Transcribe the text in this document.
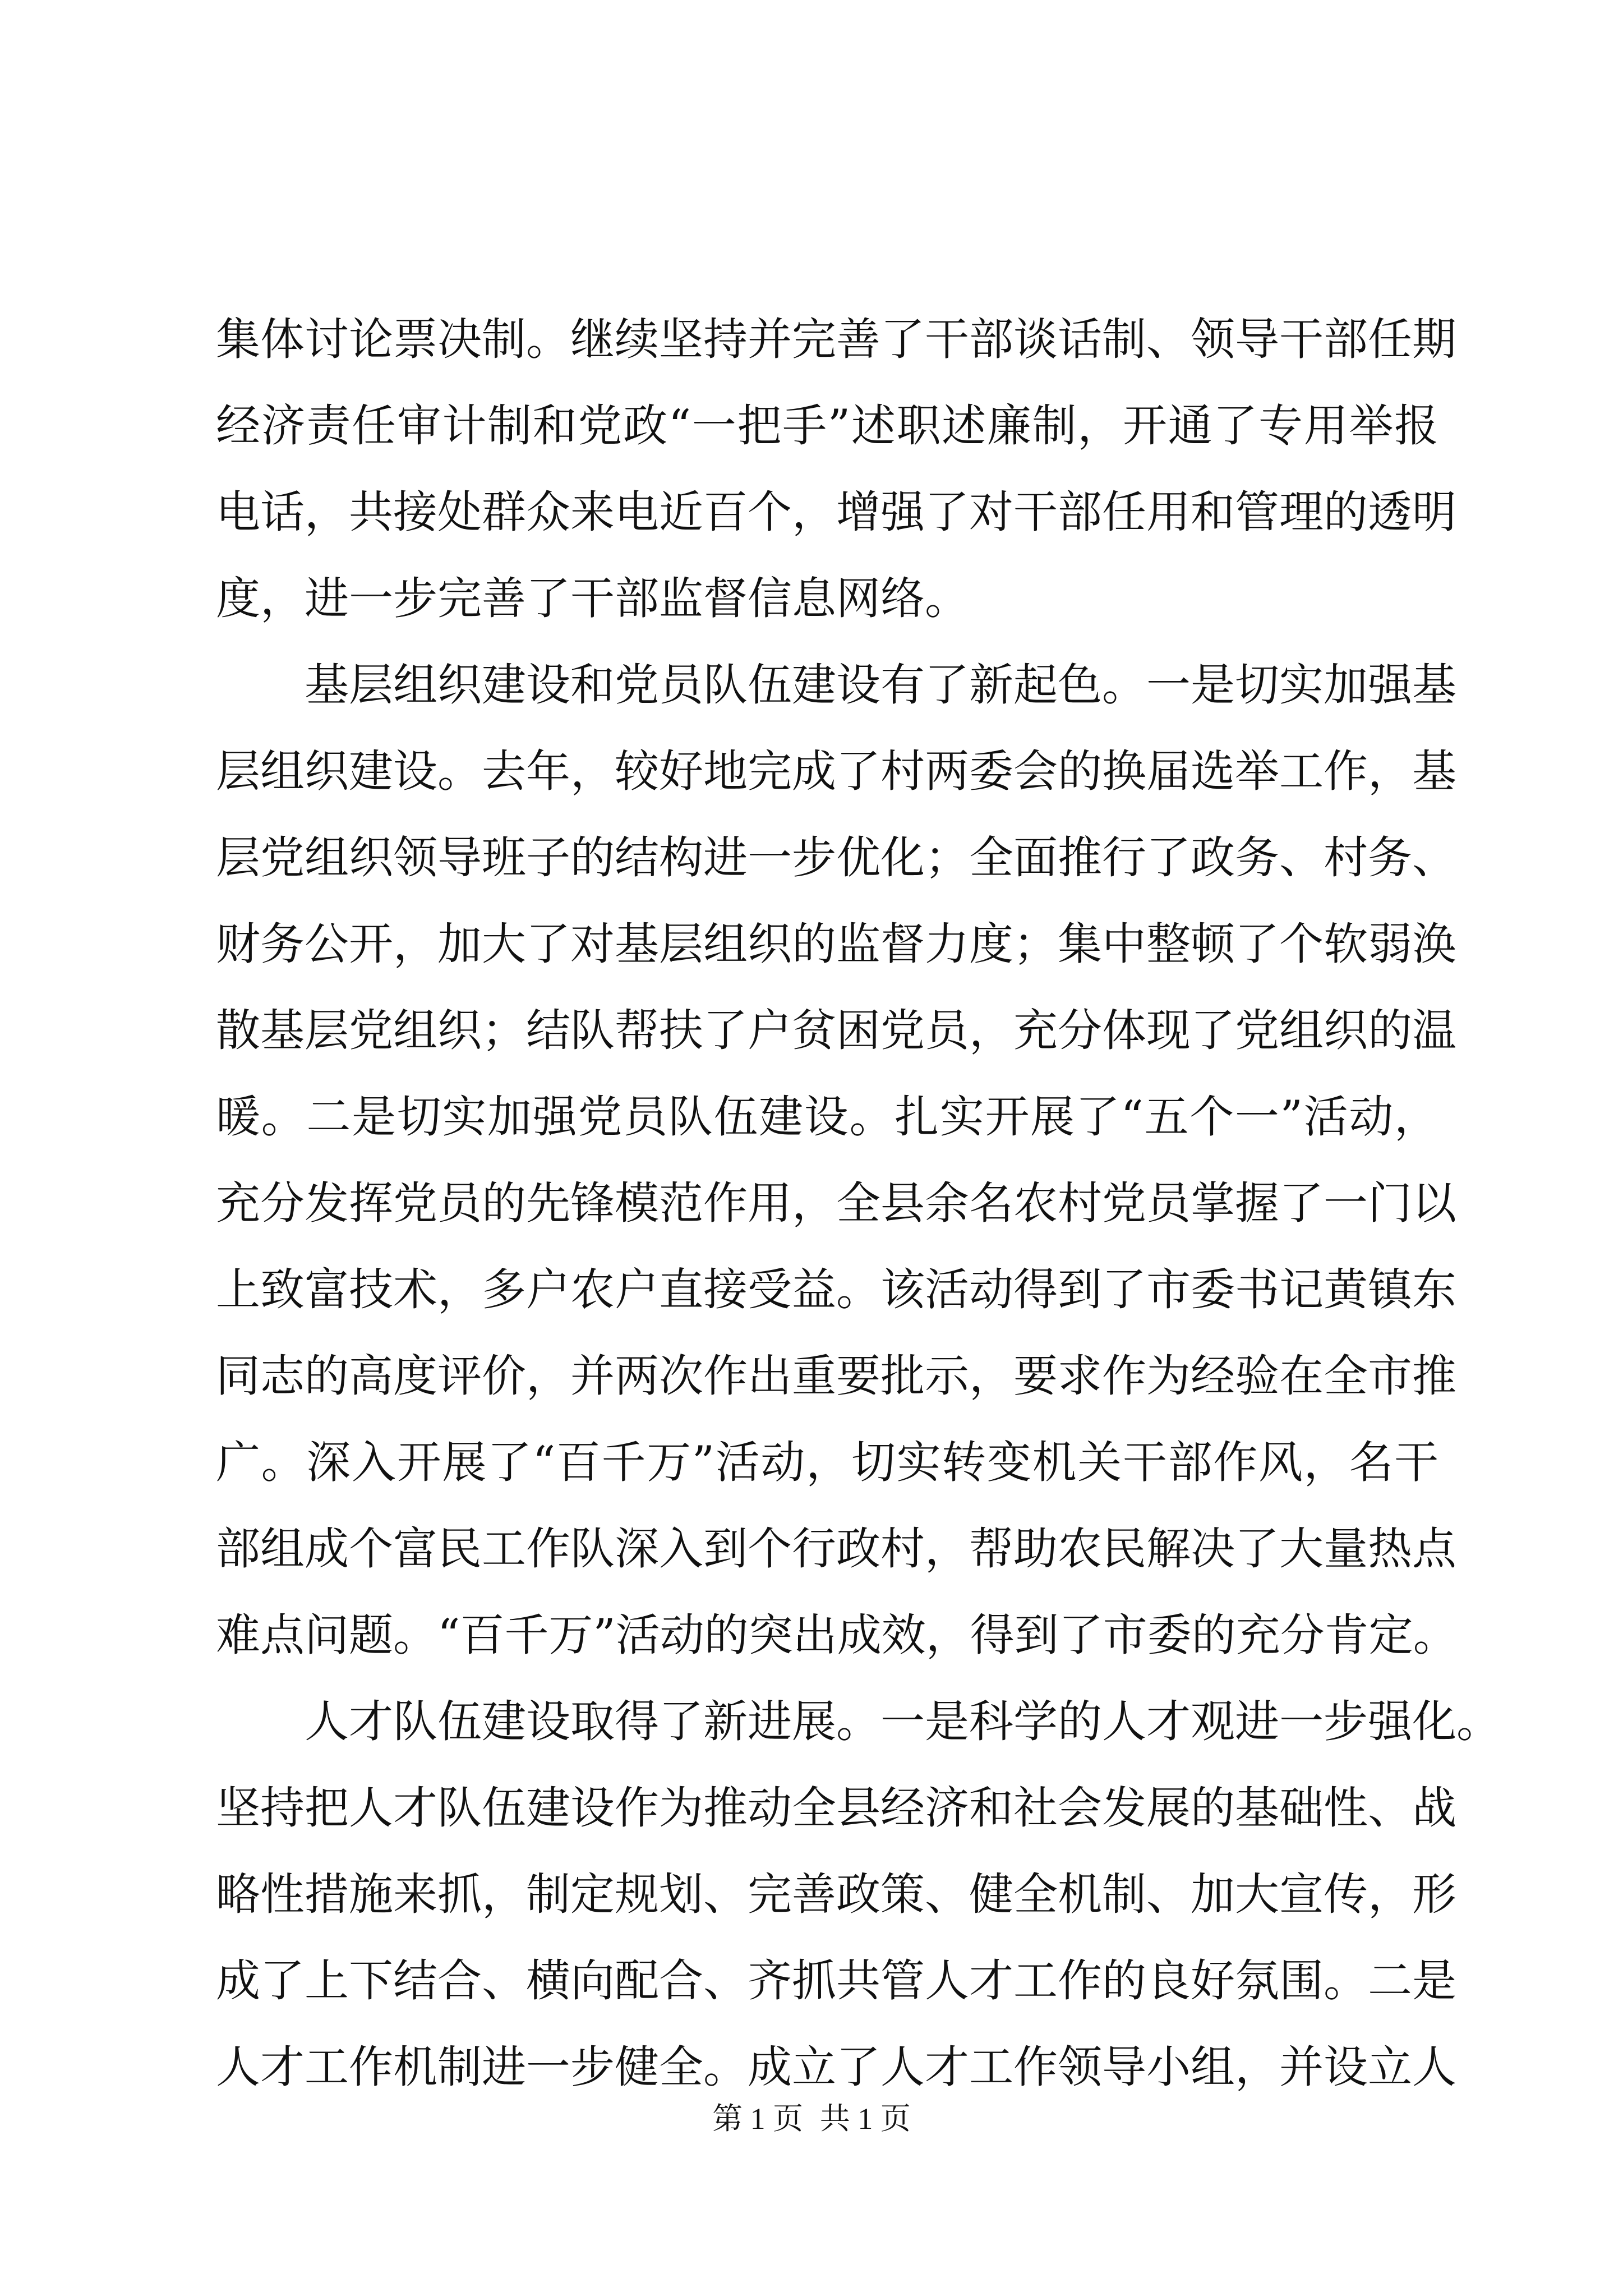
集体讨论票决制。继续坚持并完善了干部谈话制、领导干部任期
经济责任审计制和党政“一把手”述职述廉制，开通了专用举报
电话，共接处群众来电近百个，增强了对干部任用和管理的透明
度，进一步完善了干部监督信息网络。
基层组织建设和党员队伍建设有了新起色。一是切实加强基
层组织建设。去年，较好地完成了村两委会的换届选举工作，基
层党组织领导班子的结构进一步优化；全面推行了政务、村务、
财务公开，加大了对基层组织的监督力度；集中整顿了个软弱涣
散基层党组织；结队帮扶了户贫困党员，充分体现了党组织的温
暖。二是切实加强党员队伍建设。扎实开展了“五个一”活动，
充分发挥党员的先锋模范作用，全县余名农村党员掌握了一门以
上致富技术，多户农户直接受益。该活动得到了市委书记黄镇东
同志的高度评价，并两次作出重要批示，要求作为经验在全市推
广。深入开展了“百千万”活动，切实转变机关干部作风，名干
部组成个富民工作队深入到个行政村，帮助农民解决了大量热点
难点问题。“百千万”活动的突出成效，得到了市委的充分肯定。
人才队伍建设取得了新进展。一是科学的人才观进一步强化。
坚持把人才队伍建设作为推动全县经济和社会发展的基础性、战
略性措施来抓，制定规划、完善政策、健全机制、加大宣传，形
成了上下结合、横向配合、齐抓共管人才工作的良好氛围。二是
人才工作机制进一步健全。成立了人才工作领导小组，并设立人
第 1 页 共 1 页
